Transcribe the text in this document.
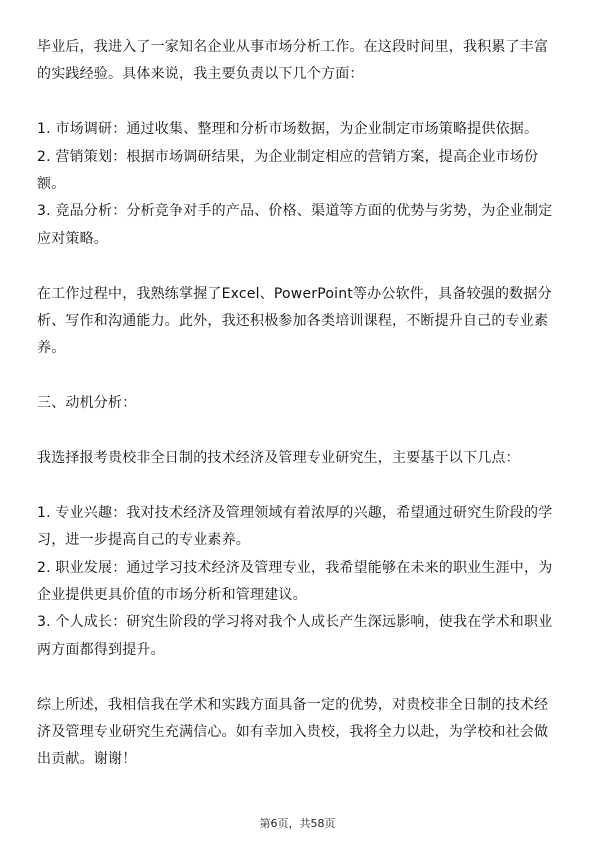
毕业后，我进入了一家知名企业从事市场分析工作。在这段时间里，我积累了丰富的实践经验。具体来说，我主要负责以下几个方面：

1. 市场调研：通过收集、整理和分析市场数据，为企业制定市场策略提供依据。

2. 营销策划：根据市场调研结果，为企业制定相应的营销方案，提高企业市场份额。

3. 竞品分析：分析竞争对手的产品、价格、渠道等方面的优势与劣势，为企业制定应对策略。

在工作过程中，我熟练掌握了Excel、PowerPoint等办公软件，具备较强的数据分析、写作和沟通能力。此外，我还积极参加各类培训课程，不断提升自己的专业素养。

三、动机分析：

我选择报考贵校非全日制的技术经济及管理专业研究生，主要基于以下几点：

1. 专业兴趣：我对技术经济及管理领域有着浓厚的兴趣，希望通过研究生阶段的学习，进一步提高自己的专业素养。

2. 职业发展：通过学习技术经济及管理专业，我希望能够在未来的职业生涯中，为企业提供更具价值的市场分析和管理建议。

3. 个人成长：研究生阶段的学习将对我个人成长产生深远影响，使我在学术和职业两方面都得到提升。

综上所述，我相信我在学术和实践方面具备一定的优势，对贵校非全日制的技术经济及管理专业研究生充满信心。如有幸加入贵校，我将全力以赴，为学校和社会做出贡献。谢谢！

第6页，共58页
